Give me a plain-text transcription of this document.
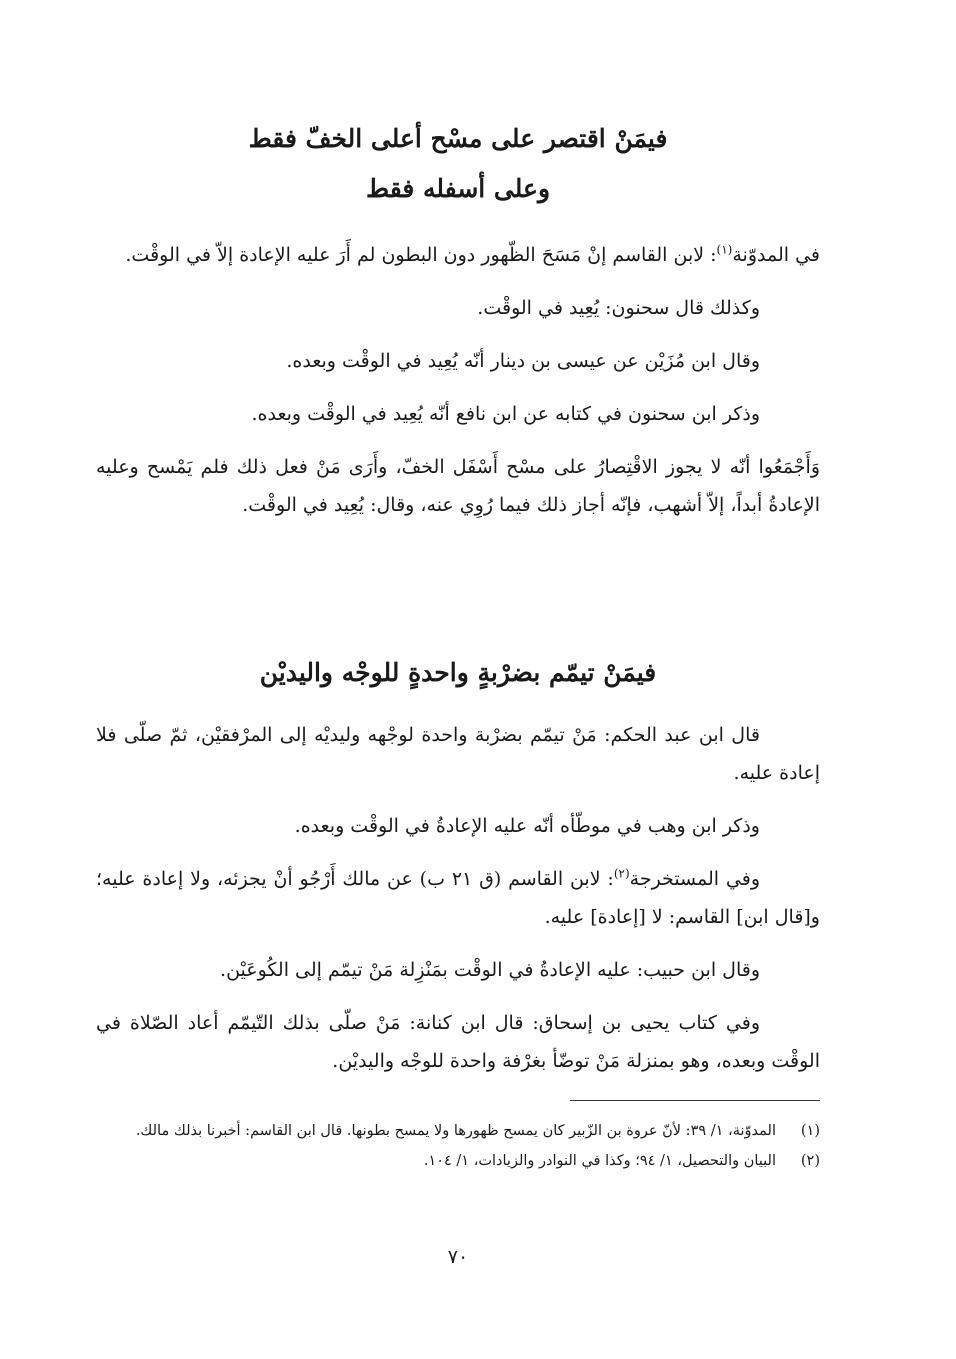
فيمَنْ اقتصر على مسْح أعلى الخفّ فقط
وعلى أسفله فقط

في المدوّنة$^{(١)}$: لابن القاسم إنْ مَسَحَ الظّهور دون البطون لم أَرَ عليه الإعادة إلاّ في الوقْت.

وكذلك قال سحنون: يُعِيد في الوقْت.

وقال ابن مُزَيْن عن عيسى بن دينار أنّه يُعِيد في الوقْت وبعده.

وذكر ابن سحنون في كتابه عن ابن نافع أنّه يُعِيد في الوقْت وبعده.

وَأَجْمَعُوا أنّه لا يجوز الاقْتِصارُ على مسْح أَسْفَل الخفّ، وأَرَى مَنْ فعل ذلك فلم يَمْسح وعليه الإعادةُ أبداً، إلاّ أشهب، فإنّه أجاز ذلك فيما رُوِي عنه، وقال: يُعِيد في الوقْت.

فيمَنْ تيمّم بضرْبةٍ واحدةٍ للوجْه واليديْن

قال ابن عبد الحكم: مَنْ تيمّم بضرْبة واحدة لوجْهه وليديْه إلى المرْفقيْن، ثمّ صلّى فلا إعادة عليه.

وذكر ابن وهب في موطّأه أنّه عليه الإعادةُ في الوقْت وبعده.

وفي المستخرجة$^{(٢)}$: لابن القاسم (ق ٢١ ب) عن مالك أَرْجُو أنْ يجزئه، ولا إعادة عليه؛ و[قال ابن] القاسم: لا [إعادة] عليه.

وقال ابن حبيب: عليه الإعادةُ في الوقْت بمَنْزِلة مَنْ تيمّم إلى الكُوعَيْن.

وفي كتاب يحيى بن إسحاق: قال ابن كنانة: مَنْ صلّى بذلك التّيمّم أعاد الصّلاة في الوقْت وبعده، وهو بمنزلة مَنْ توضّأ بغرْفة واحدة للوجْه واليديْن.

(١)
المدوّنة، ١/ ٣٩: لأنّ عروة بن الزّبير كان يمسح ظهورها ولا يمسح بطونها. قال ابن القاسم: أخبرنا بذلك مالك.

(٢)
البيان والتحصيل، ١/ ٩٤؛ وكذا في النوادر والزيادات، ١/ ١٠٤.

٧٠
